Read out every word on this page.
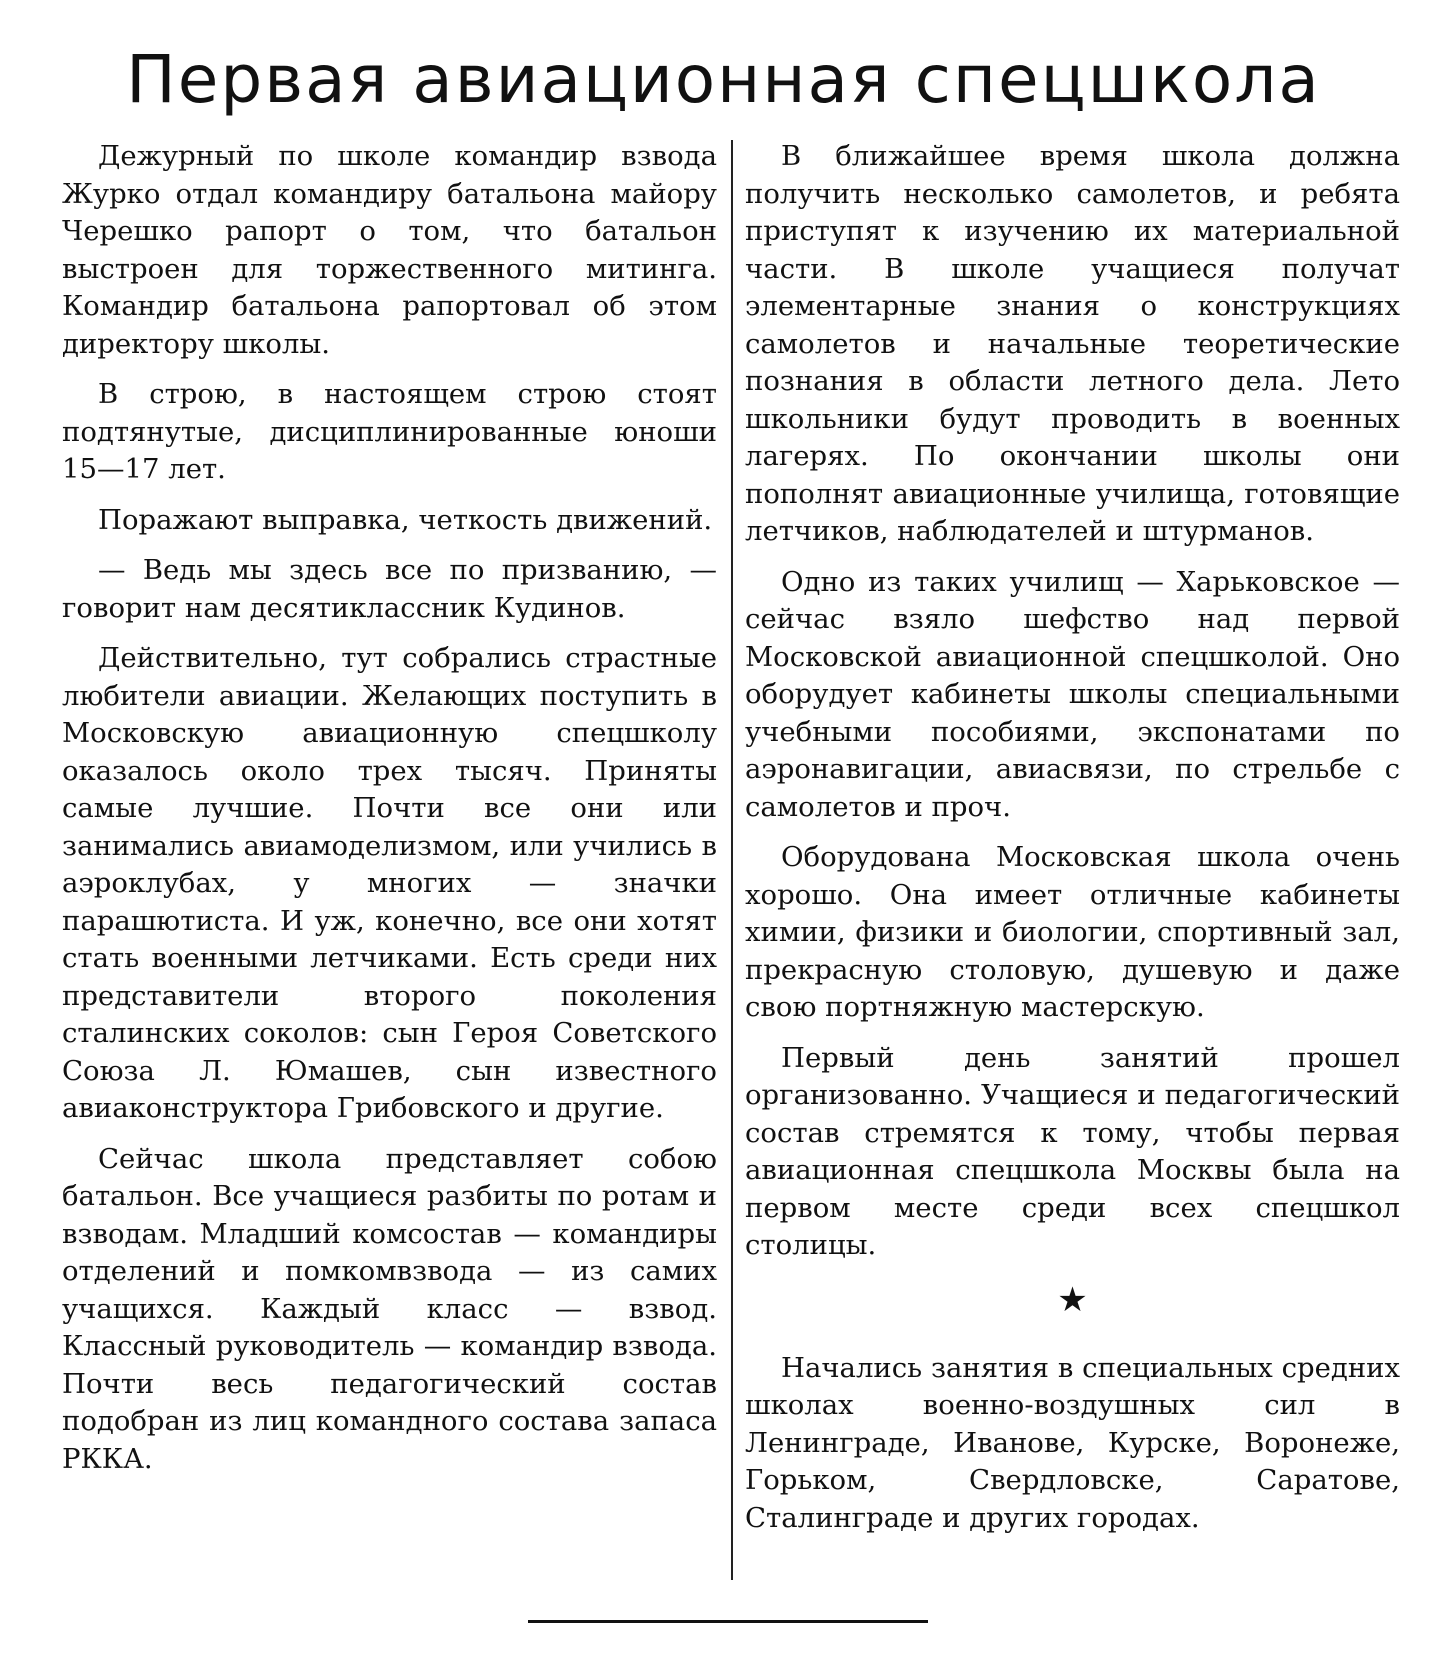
Первая авиационная спецшкола

Дежурный по школе командир взвода Журко отдал командиру батальона майору Черешко рапорт о том, что батальон выстроен для торжественного митинга. Командир батальона рапортовал об этом директору школы.

В строю, в настоящем строю стоят подтянутые, дисциплинированные юноши 15—17 лет.

Поражают выправка, четкость движений.

— Ведь мы здесь все по призванию, — говорит нам десятиклассник Кудинов.

Действительно, тут собрались страстные любители авиации. Желающих поступить в Московскую авиационную спецшколу оказалось около трех тысяч. Приняты самые лучшие. Почти все они или занимались авиамоделизмом, или учились в аэроклубах, у многих — значки парашютиста. И уж, конечно, все они хотят стать военными летчиками. Есть среди них представители второго поколения сталинских соколов: сын Героя Советского Союза Л. Юмашев, сын известного авиаконструктора Грибовского и другие.

Сейчас школа представляет собою батальон. Все учащиеся разбиты по ротам и взводам. Младший комсостав — командиры отделений и помкомвзвода — из самих учащихся. Каждый класс — взвод. Классный руководитель — командир взвода. Почти весь педагогический состав подобран из лиц командного состава запаса РККА.

В ближайшее время школа должна получить несколько самолетов, и ребята приступят к изучению их материальной части. В школе учащиеся получат элементарные знания о конструкциях самолетов и начальные теоретические познания в области летного дела. Лето школьники будут проводить в военных лагерях. По окончании школы они пополнят авиационные училища, готовящие летчиков, наблюдателей и штурманов.

Одно из таких училищ — Харьковское — сейчас взяло шефство над первой Московской авиационной спецшколой. Оно оборудует кабинеты школы специальными учебными пособиями, экспонатами по аэронавигации, авиасвязи, по стрельбе с самолетов и проч.

Оборудована Московская школа очень хорошо. Она имеет отличные кабинеты химии, физики и биологии, спортивный зал, прекрасную столовую, душевую и даже свою портняжную мастерскую.

Первый день занятий прошел организованно. Учащиеся и педагогический состав стремятся к тому, чтобы первая авиационная спецшкола Москвы была на первом месте среди всех спецшкол столицы.

★

Начались занятия в специальных средних школах военно-воздушных сил в Ленинграде, Иванове, Курске, Воронеже, Горьком, Свердловске, Саратове, Сталинграде и других городах.
